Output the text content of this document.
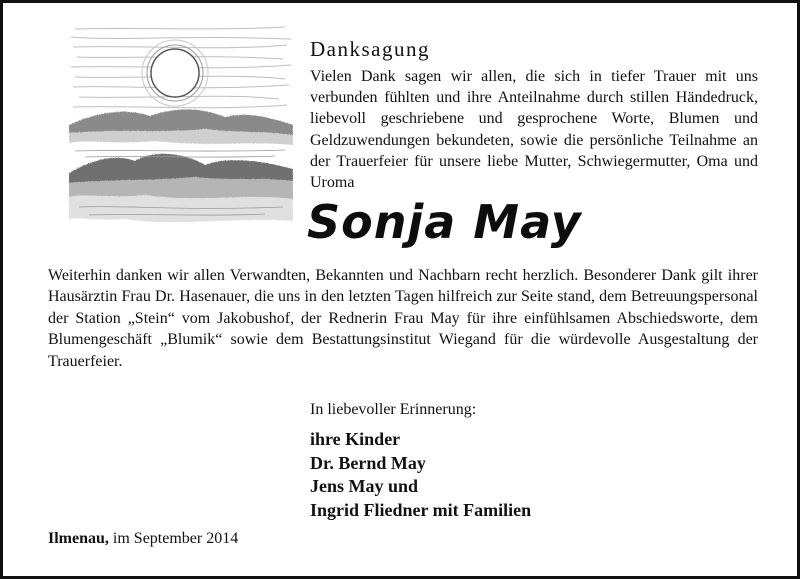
Danksagung
Vielen Dank sagen wir allen, die sich in tiefer Trauer mit uns verbunden fühlten und ihre Anteilnahme durch stillen Händedruck, liebevoll geschriebene und gesprochene Worte, Blumen und Geldzuwendungen bekundeten, sowie die persönliche Teilnahme an der Trauerfeier für unsere liebe Mutter, Schwiegermutter, Oma und Uroma
Sonja May

Weiterhin danken wir allen Verwandten, Bekannten und Nachbarn recht herzlich. Besonderer Dank gilt ihrer Hausärztin Frau Dr. Hasenauer, die uns in den letzten Tagen hilfreich zur Seite stand, dem Betreuungspersonal der Station „Stein“ vom Jakobushof, der Rednerin Frau May für ihre einfühlsamen Abschiedsworte, dem Blumengeschäft „Blumik“ sowie dem Bestattungsinstitut Wiegand für die würdevolle Ausgestaltung der Trauerfeier.

In liebevoller Erinnerung:
ihre Kinder
Dr. Bernd May
Jens May und
Ingrid Fliedner mit Familien
Ilmenau, im September 2014
